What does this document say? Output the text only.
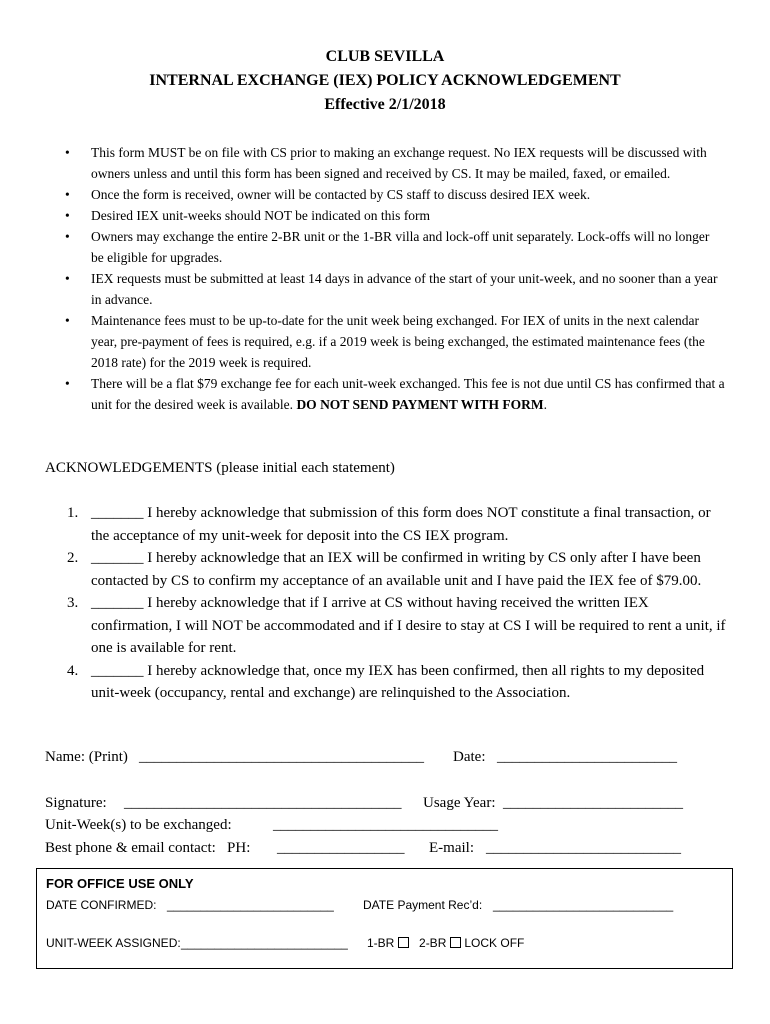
CLUB SEVILLA
INTERNAL EXCHANGE (IEX) POLICY ACKNOWLEDGEMENT
Effective 2/1/2018
• This form MUST be on file with CS prior to making an exchange request. No IEX requests will be discussed with owners unless and until this form has been signed and received by CS. It may be mailed, faxed, or emailed.
• Once the form is received, owner will be contacted by CS staff to discuss desired IEX week.
• Desired IEX unit-weeks should NOT be indicated on this form
• Owners may exchange the entire 2-BR unit or the 1-BR villa and lock-off unit separately. Lock-offs will no longer be eligible for upgrades.
• IEX requests must be submitted at least 14 days in advance of the start of your unit-week, and no sooner than a year in advance.
• Maintenance fees must to be up-to-date for the unit week being exchanged. For IEX of units in the next calendar year, pre-payment of fees is required, e.g. if a 2019 week is being exchanged, the estimated maintenance fees (the 2018 rate) for the 2019 week is required.
• There will be a flat $79 exchange fee for each unit-week exchanged. This fee is not due until CS has confirmed that a unit for the desired week is available. DO NOT SEND PAYMENT WITH FORM.
ACKNOWLEDGEMENTS (please initial each statement)
1. _______ I hereby acknowledge that submission of this form does NOT constitute a final transaction, or the acceptance of my unit-week for deposit into the CS IEX program.
2. _______ I hereby acknowledge that an IEX will be confirmed in writing by CS only after I have been contacted by CS to confirm my acceptance of an available unit and I have paid the IEX fee of $79.00.
3. _______ I hereby acknowledge that if I arrive at CS without having received the written IEX confirmation, I will NOT be accommodated and if I desire to stay at CS I will be required to rent a unit, if one is available for rent.
4. _______ I hereby acknowledge that, once my IEX has been confirmed, then all rights to my deposited unit-week (occupancy, rental and exchange) are relinquished to the Association.
Name: (Print) ______________________________________ Date: ________________________
Signature: _____________________________________ Usage Year: ________________________
Unit-Week(s) to be exchanged:	______________________________
Best phone & email contact:   PH: _________________ E-mail: __________________________
FOR OFFICE USE ONLY
DATE CONFIRMED: _________________________ DATE Payment Rec’d: ___________________________
UNIT-WEEK ASSIGNED: _________________________ 1-BR 2-BR LOCK OFF
